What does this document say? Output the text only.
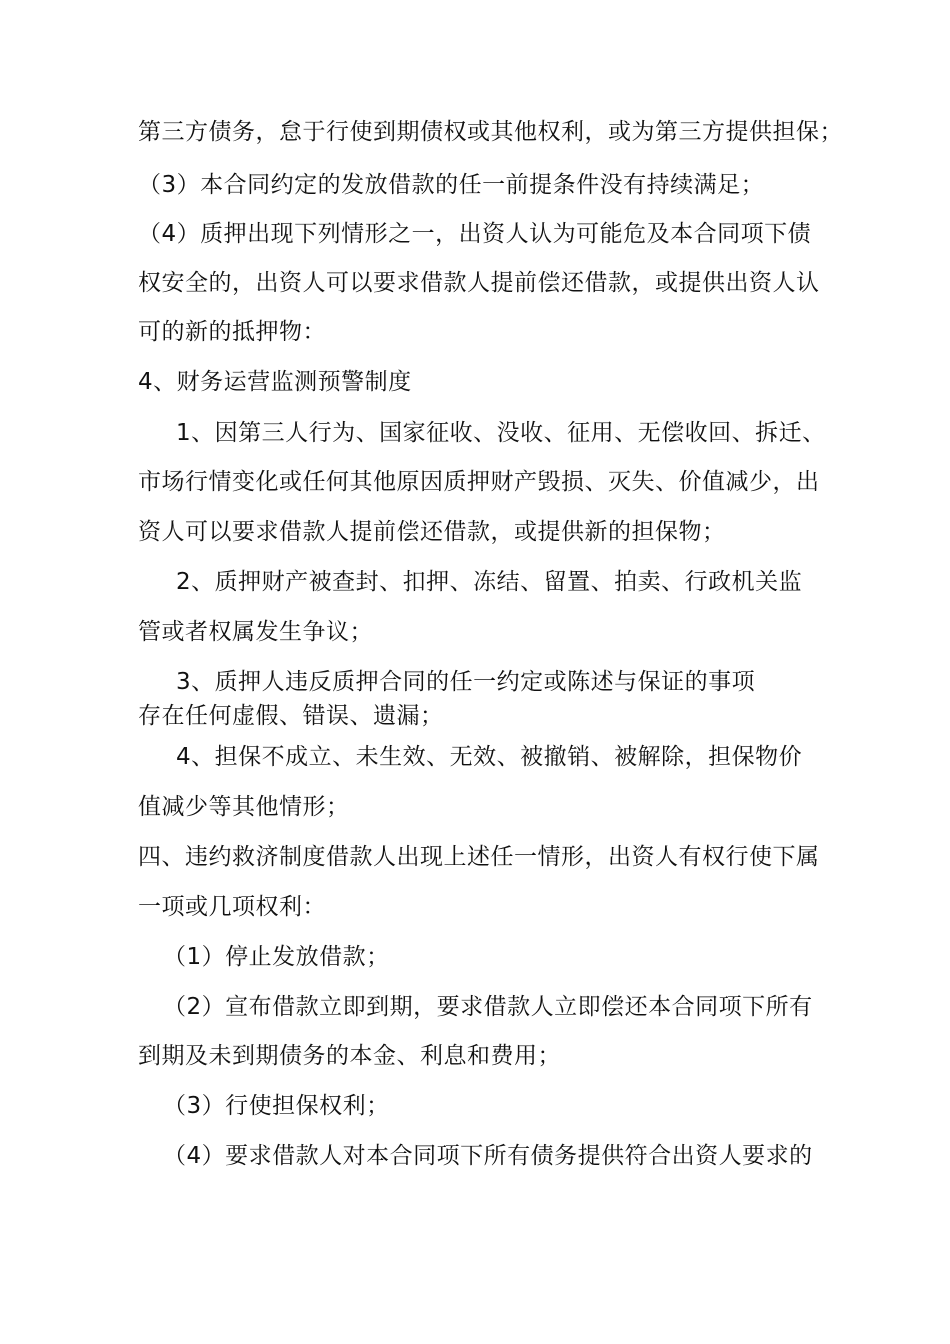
第三方债务，怠于行使到期债权或其他权利，或为第三方提供担保；
（3）本合同约定的发放借款的任一前提条件没有持续满足；
（4）质押出现下列情形之一，出资人认为可能危及本合同项下债
权安全的，出资人可以要求借款人提前偿还借款，或提供出资人认
可的新的抵押物：
4、财务运营监测预警制度
1、因第三人行为、国家征收、没收、征用、无偿收回、拆迁、
市场行情变化或任何其他原因质押财产毁损、灭失、价值减少，出
资人可以要求借款人提前偿还借款，或提供新的担保物；
2、质押财产被查封、扣押、冻结、留置、拍卖、行政机关监
管或者权属发生争议；
3、质押人违反质押合同的任一约定或陈述与保证的事项
存在任何虚假、错误、遗漏；
4、担保不成立、未生效、无效、被撤销、被解除，担保物价
值减少等其他情形；
四、违约救济制度借款人出现上述任一情形，出资人有权行使下属
一项或几项权利：
（1）停止发放借款；
（2）宣布借款立即到期，要求借款人立即偿还本合同项下所有
到期及未到期债务的本金、利息和费用；
（3）行使担保权利；
（4）要求借款人对本合同项下所有债务提供符合出资人要求的
